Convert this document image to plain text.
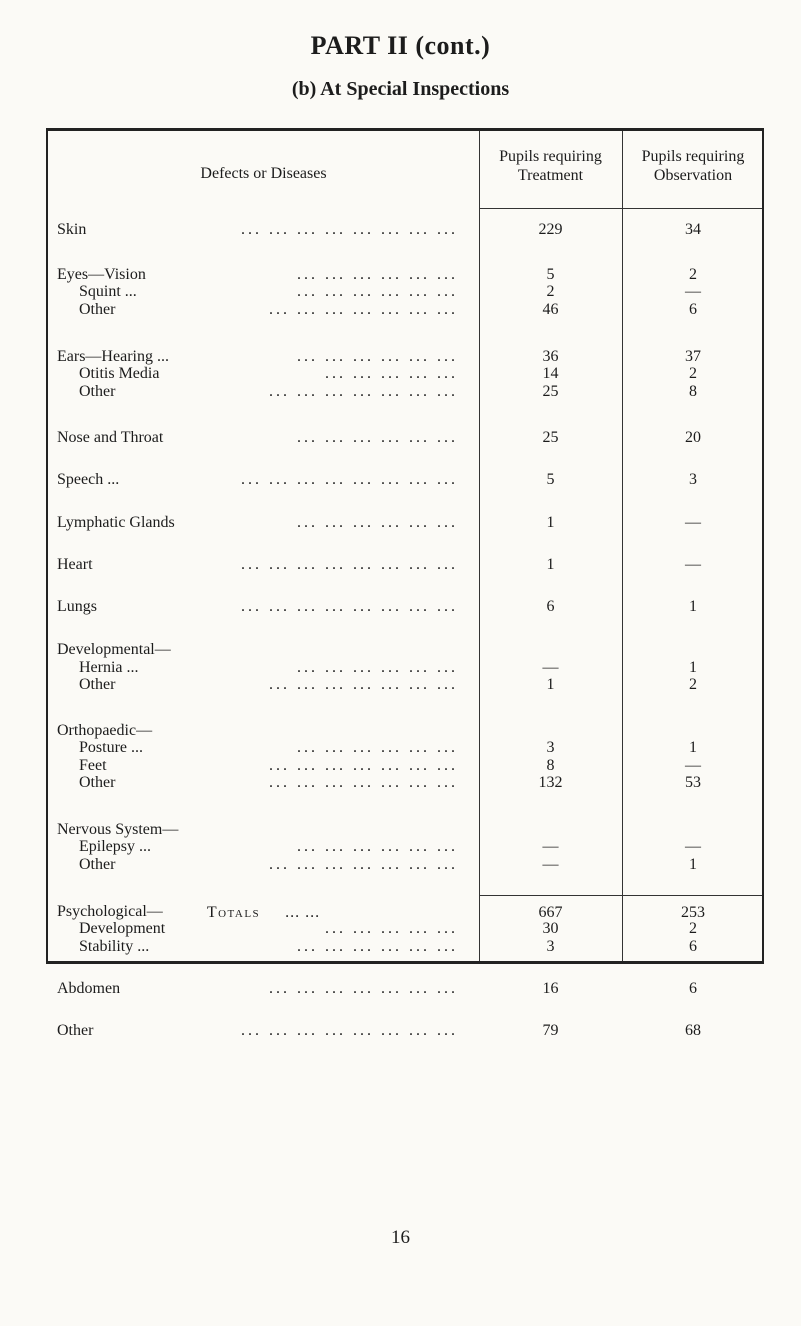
PART II (cont.)
(b) At Special Inspections
Defects or Diseases
Pupils requiring
Treatment
Pupils requiring
Observation
Skin	... ... ... ... ... ... ... ...	229	34
Eyes—Vision	... ... ... ... ... ...	5	2
Squint ...	... ... ... ... ... ...	2	—
Other	... ... ... ... ... ... ...	46	6
Ears—Hearing ...	... ... ... ... ... ...	36	37
Otitis Media	... ... ... ... ...	14	2
Other	... ... ... ... ... ... ...	25	8
Nose and Throat	... ... ... ... ... ...	25	20
Speech ...	... ... ... ... ... ... ... ...	5	3
Lymphatic Glands	... ... ... ... ... ...	1	—
Heart	... ... ... ... ... ... ... ...	1	—
Lungs	... ... ... ... ... ... ... ...	6	1
Developmental—
Hernia ...	... ... ... ... ... ...	—	1
Other	... ... ... ... ... ... ...	1	2
Orthopaedic—
Posture ...	... ... ... ... ... ...	3	1
Feet	... ... ... ... ... ... ...	8	—
Other	... ... ... ... ... ... ...	132	53
Nervous System—
Epilepsy ...	... ... ... ... ... ...	—	—
Other	... ... ... ... ... ... ...	—	1
Psychological—
Development	... ... ... ... ...	30	2
Stability ...	... ... ... ... ... ...	3	6
Abdomen	... ... ... ... ... ... ...	16	6
Other	... ... ... ... ... ... ... ...	79	68
Totals ... ...	667	253
16
